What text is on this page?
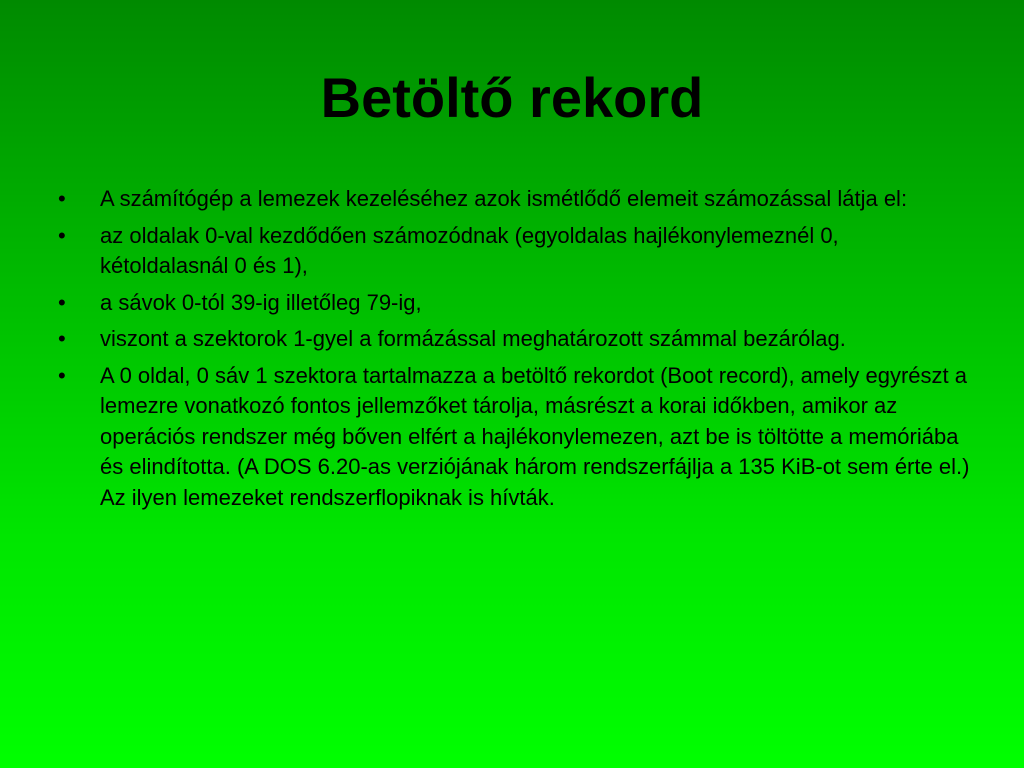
Betöltő rekord
•	A számítógép a lemezek kezeléséhez azok ismétlődő elemeit számozással látja el:
•	az oldalak 0-val kezdődően számozódnak (egyoldalas hajlékonylemeznél 0, kétoldalasnál 0 és 1),
•	a sávok 0-tól 39-ig illetőleg 79-ig,
•	viszont a szektorok 1-gyel a formázással meghatározott számmal bezárólag.
•	A 0 oldal, 0 sáv 1 szektora tartalmazza a betöltő rekordot (Boot record), amely egyrészt a lemezre vonatkozó fontos jellemzőket tárolja, másrészt a korai időkben, amikor az operációs rendszer még bőven elfért a hajlékonylemezen, azt be is töltötte a memóriába és elindította. (A DOS 6.20-as verziójának három rendszerfájlja a 135 KiB-ot sem érte el.) Az ilyen lemezeket rendszerflopiknak is hívták.
